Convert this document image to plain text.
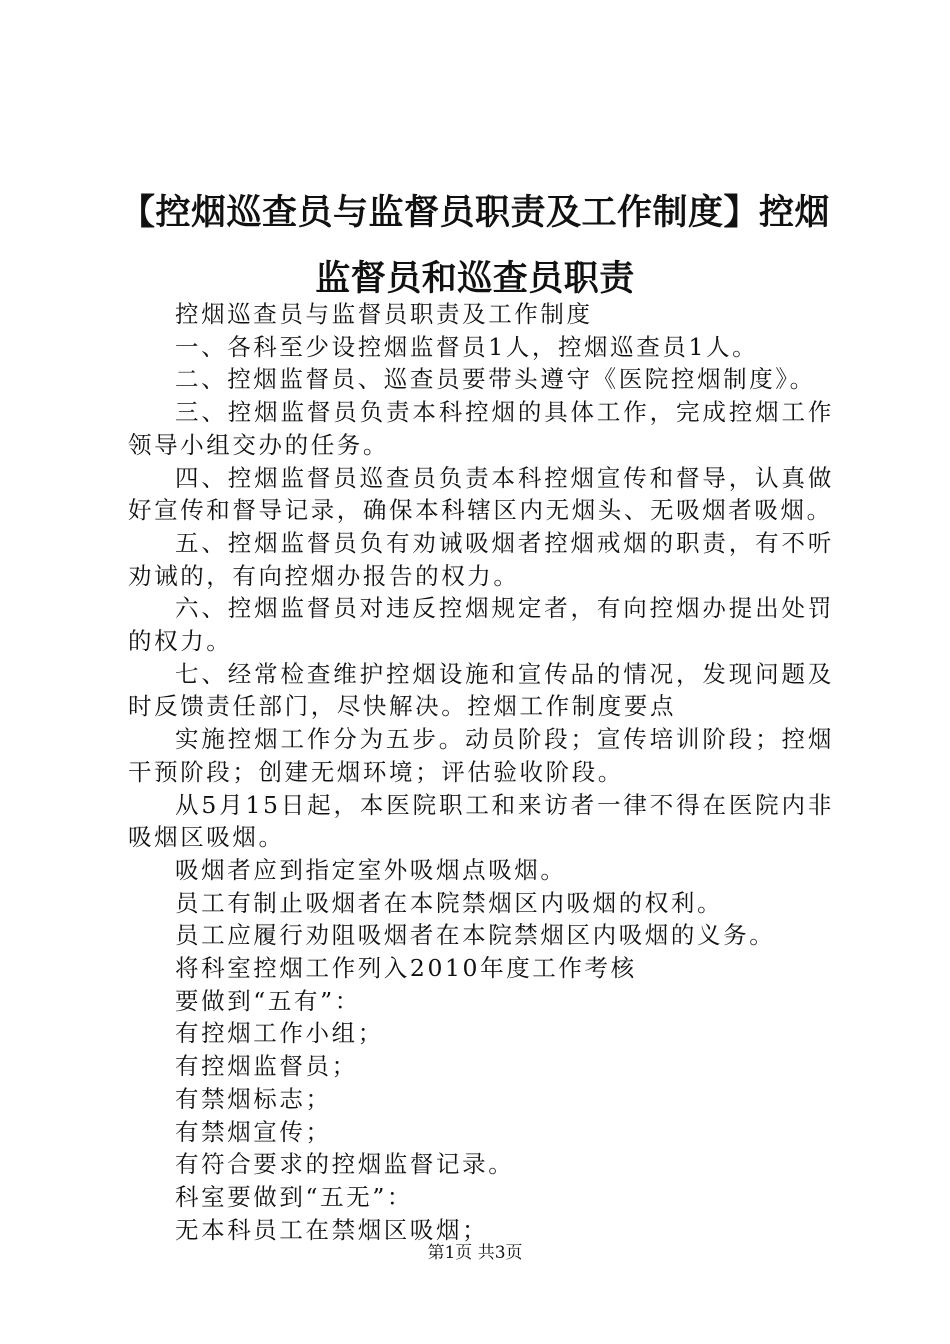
【控烟巡查员与监督员职责及工作制度】控烟
监督员和巡查员职责

控烟巡查员与监督员职责及工作制度

一、各科至少设控烟监督员1人，控烟巡查员1人。

二、控烟监督员、巡查员要带头遵守《医院控烟制度》。

三、控烟监督员负责本科控烟的具体工作，完成控烟工作领导小组交办的任务。

四、控烟监督员巡查员负责本科控烟宣传和督导，认真做好宣传和督导记录，确保本科辖区内无烟头、无吸烟者吸烟。

五、控烟监督员负有劝诫吸烟者控烟戒烟的职责，有不听劝诫的，有向控烟办报告的权力。

六、控烟监督员对违反控烟规定者，有向控烟办提出处罚的权力。

七、经常检查维护控烟设施和宣传品的情况，发现问题及时反馈责任部门，尽快解决。控烟工作制度要点

实施控烟工作分为五步。动员阶段；宣传培训阶段；控烟干预阶段；创建无烟环境；评估验收阶段。

从5月15日起，本医院职工和来访者一律不得在医院内非吸烟区吸烟。

吸烟者应到指定室外吸烟点吸烟。

员工有制止吸烟者在本院禁烟区内吸烟的权利。

员工应履行劝阻吸烟者在本院禁烟区内吸烟的义务。

将科室控烟工作列入2010年度工作考核

要做到“五有”：

有控烟工作小组；

有控烟监督员；

有禁烟标志；

有禁烟宣传；

有符合要求的控烟监督记录。

科室要做到“五无”：

无本科员工在禁烟区吸烟；

第1页 共3页
